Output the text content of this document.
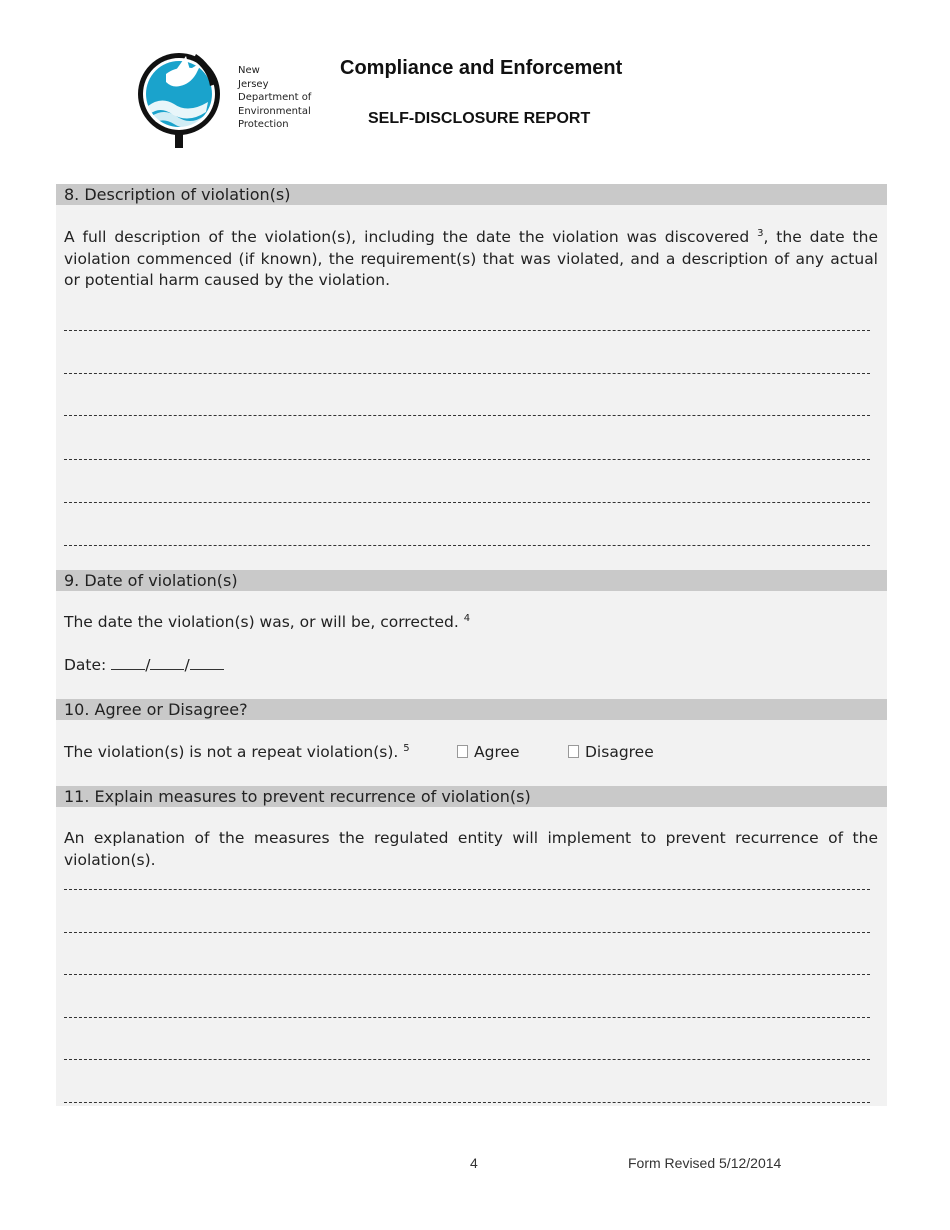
New
Jersey
Department of
Environmental
Protection
Compliance and Enforcement
SELF-DISCLOSURE REPORT
8. Description of violation(s)
A full description of the violation(s), including the date the violation was discovered $^3$, the date the violation commenced (if known), the requirement(s) that was violated, and a description of any actual or potential harm caused by the violation.
9. Date of violation(s)
The date the violation(s) was, or will be, corrected. $^4$
Date: / /
10. Agree or Disagree?
The violation(s) is not a repeat violation(s). $^5$	Agree	Disagree
11. Explain measures to prevent recurrence of violation(s)
An explanation of the measures the regulated entity will implement to prevent recurrence of the violation(s).
4	Form Revised 5/12/2014
